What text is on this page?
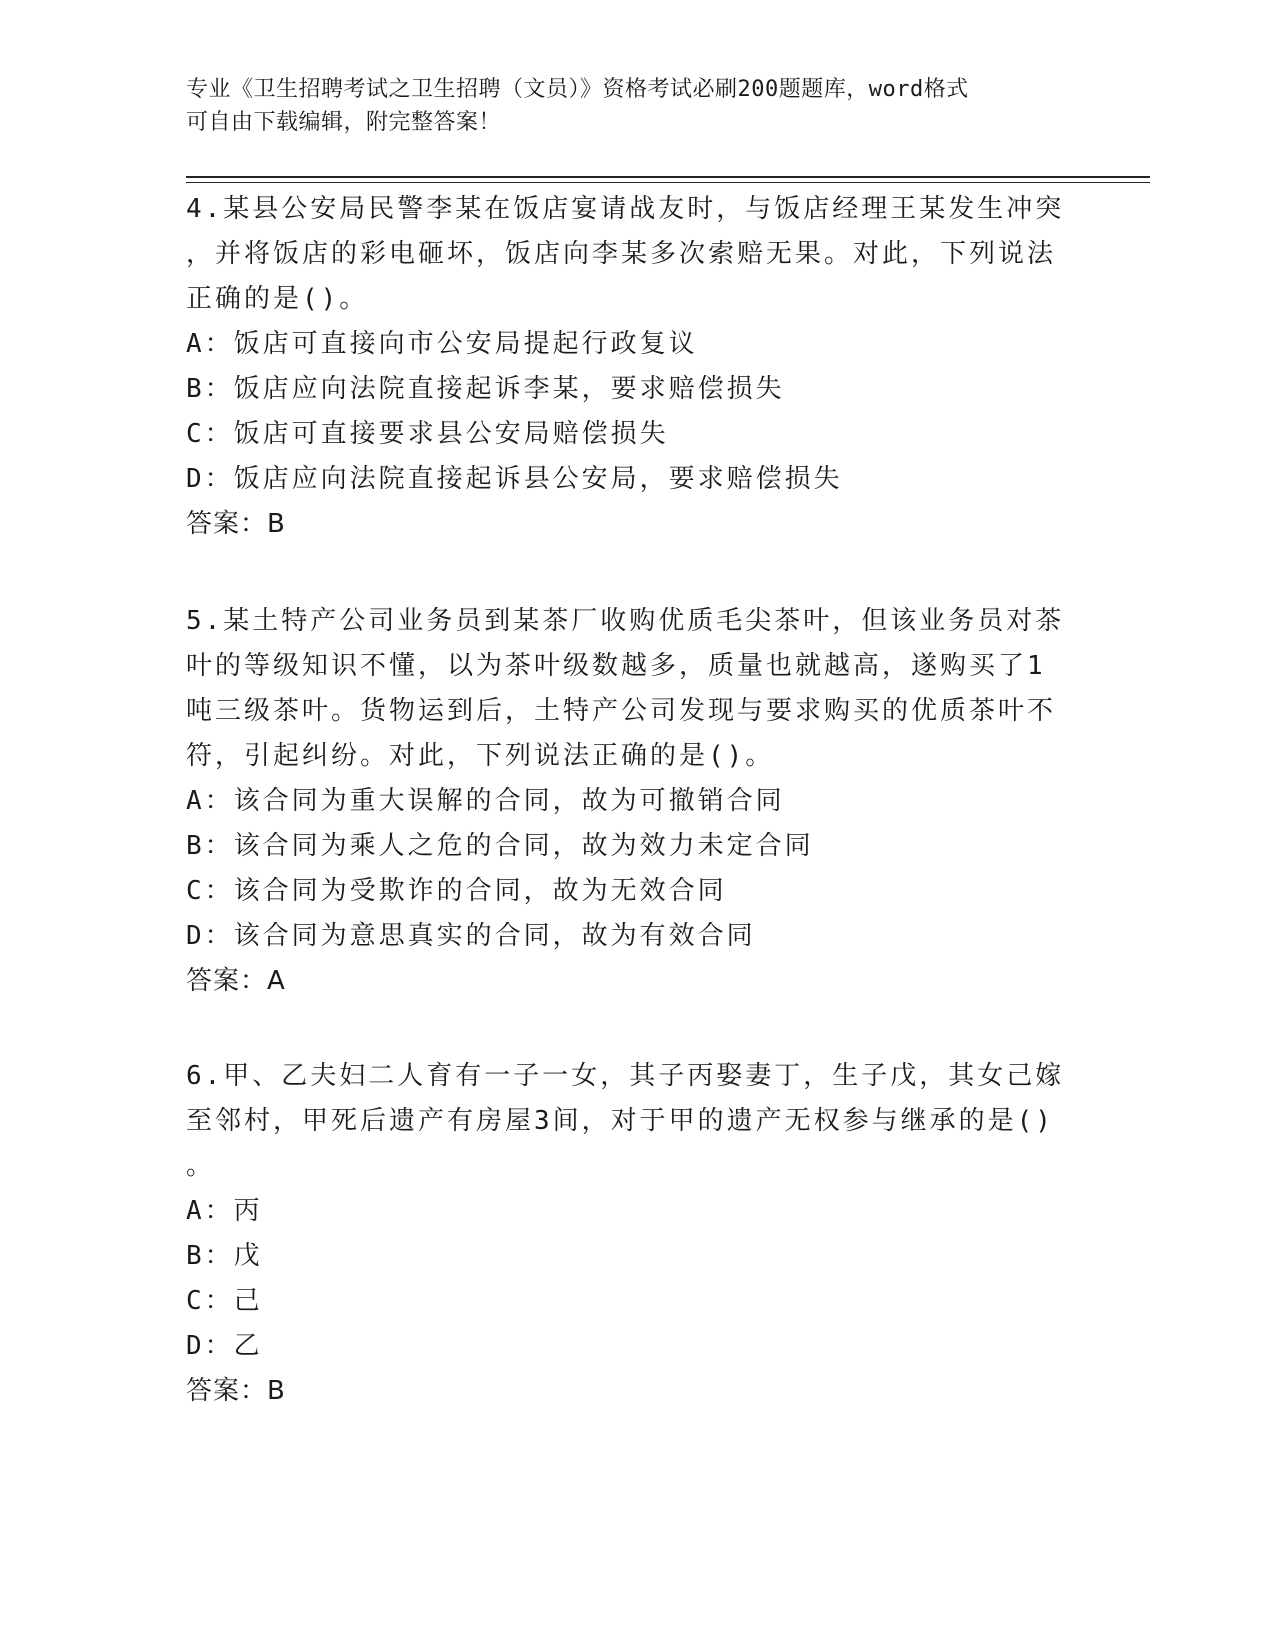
专业《卫生招聘考试之卫生招聘（文员）》资格考试必刷200题题库，word格式
可自由下载编辑，附完整答案！
4.某县公安局民警李某在饭店宴请战友时，与饭店经理王某发生冲突
，并将饭店的彩电砸坏，饭店向李某多次索赔无果。对此，下列说法
正确的是()。
A：饭店可直接向市公安局提起行政复议
B：饭店应向法院直接起诉李某，要求赔偿损失
C：饭店可直接要求县公安局赔偿损失
D：饭店应向法院直接起诉县公安局，要求赔偿损失
答案：B
5.某土特产公司业务员到某茶厂收购优质毛尖茶叶，但该业务员对茶
叶的等级知识不懂，以为茶叶级数越多，质量也就越高，遂购买了1
吨三级茶叶。货物运到后，土特产公司发现与要求购买的优质茶叶不
符，引起纠纷。对此，下列说法正确的是()。
A：该合同为重大误解的合同，故为可撤销合同
B：该合同为乘人之危的合同，故为效力未定合同
C：该合同为受欺诈的合同，故为无效合同
D：该合同为意思真实的合同，故为有效合同
答案：A
6.甲、乙夫妇二人育有一子一女，其子丙娶妻丁，生子戊，其女己嫁
至邻村，甲死后遗产有房屋3间，对于甲的遗产无权参与继承的是()
。
A：丙
B：戊
C：己
D：乙
答案：B
